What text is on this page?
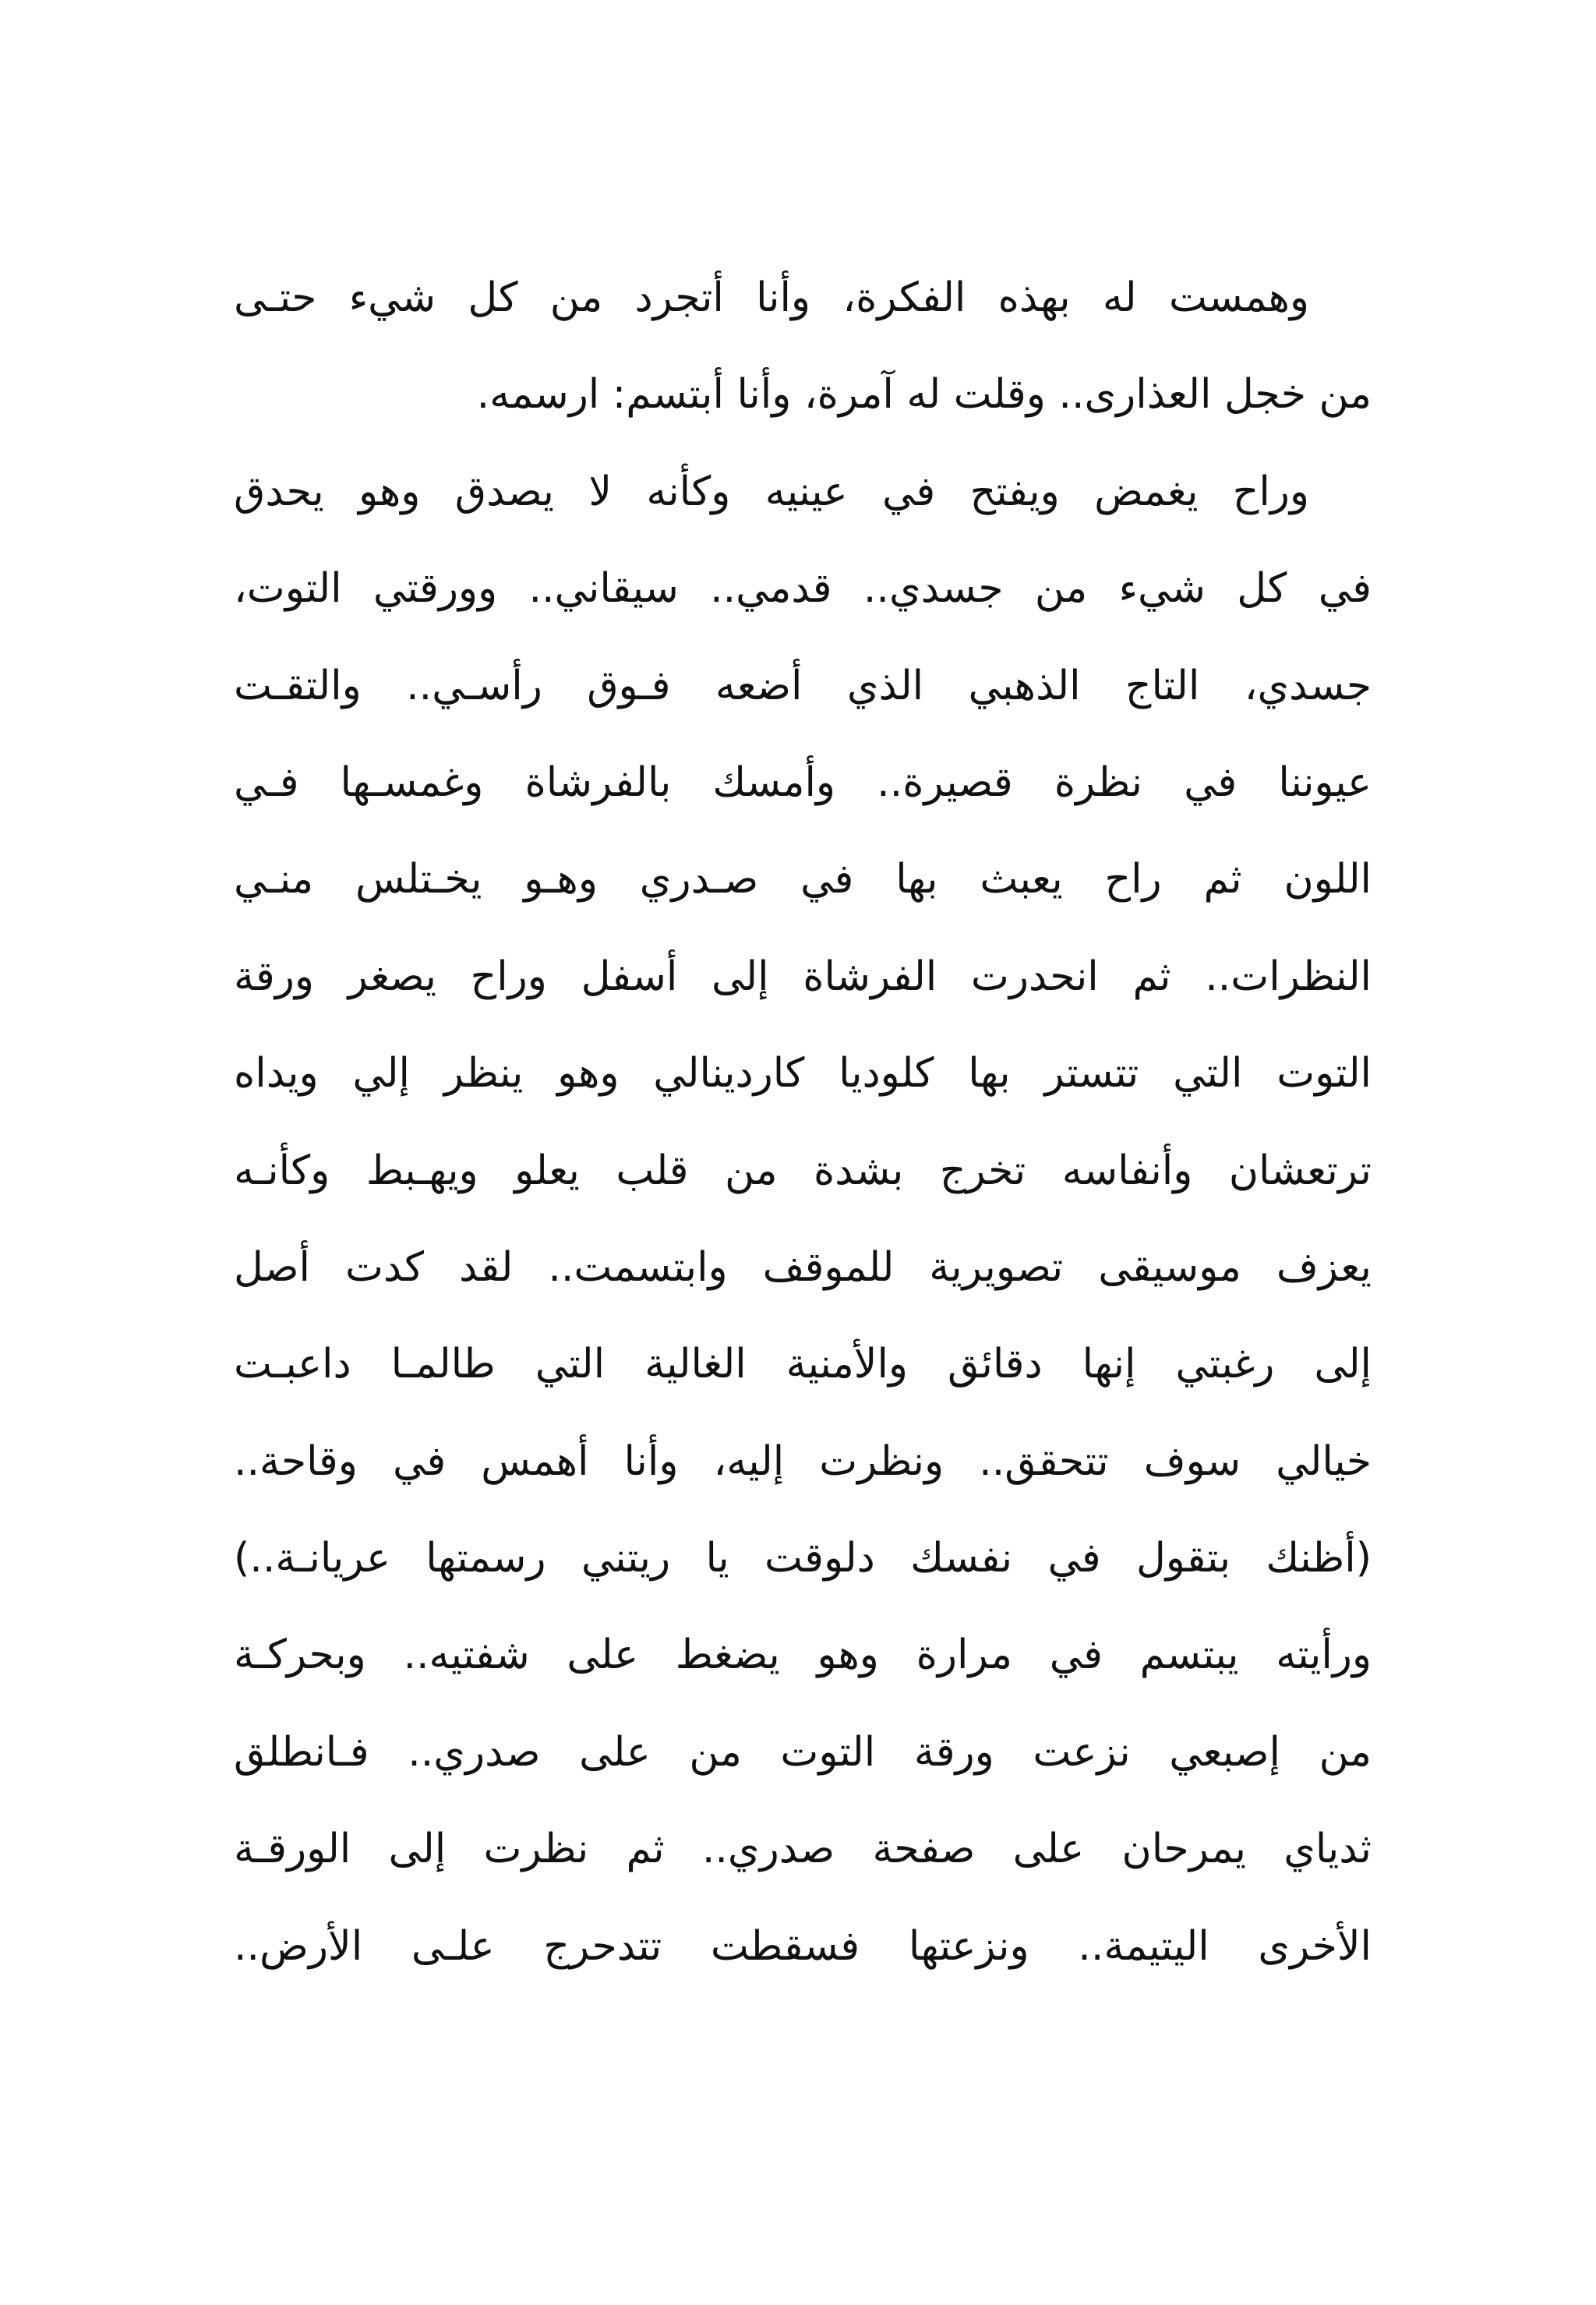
وهمست له بهذه الفكرة، وأنا أتجرد من كل شيء حتـى
من خجل العذارى.. وقلت له آمرة، وأنا أبتسم: ارسمه.
وراح يغمض ويفتح في عينيه وكأنه لا يصدق وهو يحدق
في كل شيء من جسدي.. قدمي.. سيقاني.. وورقتي التوت،
جسدي، التاج الذهبي الذي أضعه فـوق رأسـي.. والتقـت
عيوننا في نظرة قصيرة.. وأمسك بالفرشاة وغمسـها فـي
اللون ثم راح يعبث بها في صـدري وهـو يخـتلس منـي
النظرات.. ثم انحدرت الفرشاة إلى أسفل وراح يصغر ورقة
التوت التي تتستر بها كلوديا كاردينالي وهو ينظر إلي ويداه
ترتعشان وأنفاسه تخرج بشدة من قلب يعلو ويهـبط وكأنـه
يعزف موسيقى تصويرية للموقف وابتسمت.. لقد كدت أصل
إلى رغبتي إنها دقائق والأمنية الغالية التي طالمـا داعبـت
خيالي سوف تتحقق.. ونظرت إليه، وأنا أهمس في وقاحة..
(أظنك بتقول في نفسك دلوقت يا ريتني رسمتها عريانـة..)
ورأيته يبتسم في مرارة وهو يضغط على شفتيه.. وبحركـة
من إصبعي نزعت ورقة التوت من على صدري.. فـانطلق
ثدياي يمرحان على صفحة صدري.. ثم نظرت إلى الورقـة
الأخرى اليتيمة.. ونزعتها فسقطت تتدحرج علـى الأرض..
